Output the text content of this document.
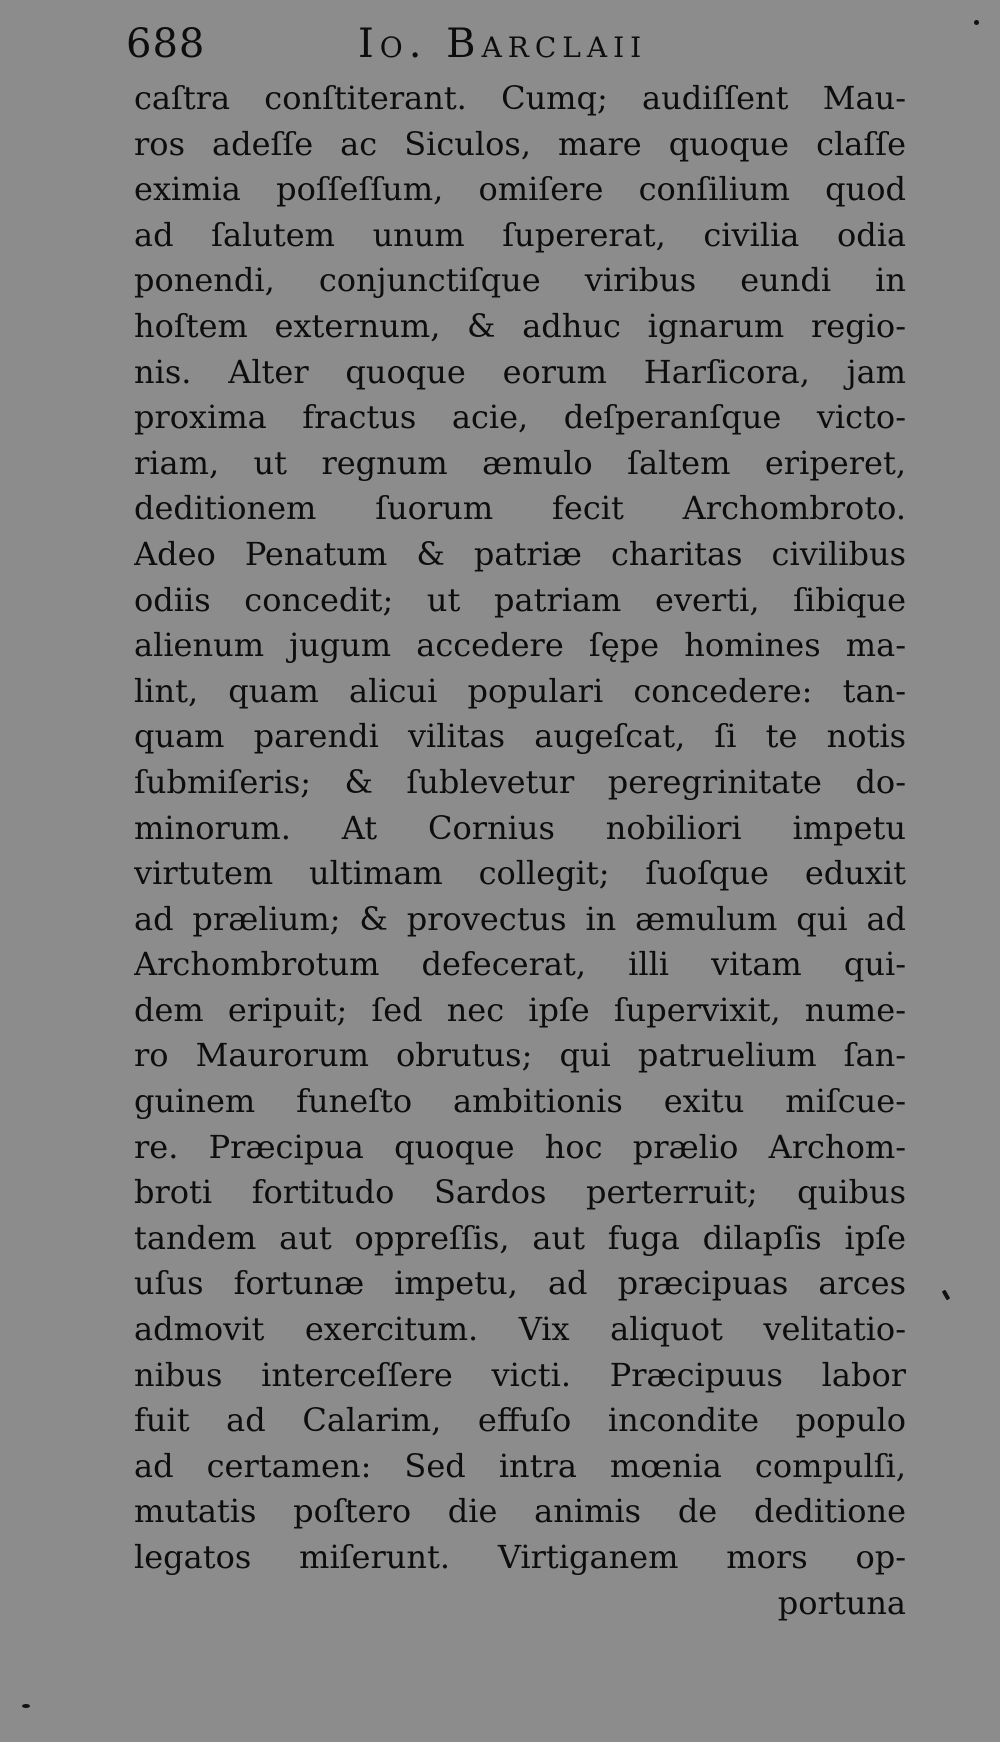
688	Io. Barclaii
caſtra conſtiterant. Cumq; audiſſent Mau-
ros adeſſe ac Siculos, mare quoque claſſe
eximia poſſeſſum, omiſere conſilium quod
ad ſalutem unum ſupererat, civilia odia
ponendi, conjunctiſque viribus eundi in
hoſtem externum, & adhuc ignarum regio-
nis. Alter quoque eorum Harſicora, jam
proxima fractus acie, deſperanſque victo-
riam, ut regnum æmulo ſaltem eriperet,
deditionem ſuorum fecit Archombroto.
Adeo Penatum & patriæ charitas civilibus
odiis concedit; ut patriam everti, ſibique
alienum jugum accedere ſępe homines ma-
lint, quam alicui populari concedere: tan-
quam parendi vilitas augeſcat, ſi te notis
ſubmiſeris; & ſublevetur peregrinitate do-
minorum. At Cornius nobiliori impetu
virtutem ultimam collegit; ſuoſque eduxit
ad prælium; & provectus in æmulum qui ad
Archombrotum defecerat, illi vitam qui-
dem eripuit; ſed nec ipſe ſupervixit, nume-
ro Maurorum obrutus; qui patruelium ſan-
guinem funeſto ambitionis exitu miſcue-
re. Præcipua quoque hoc prælio Archom-
broti fortitudo Sardos perterruit; quibus
tandem aut oppreſſis, aut fuga dilapſis ipſe
uſus fortunæ impetu, ad præcipuas arces
admovit exercitum. Vix aliquot velitatio-
nibus interceſſere victi. Præcipuus labor
fuit ad Calarim, effuſo incondite populo
ad certamen: Sed intra mœnia compulſi,
mutatis poſtero die animis de deditione
legatos miſerunt. Virtiganem mors op-
portuna
